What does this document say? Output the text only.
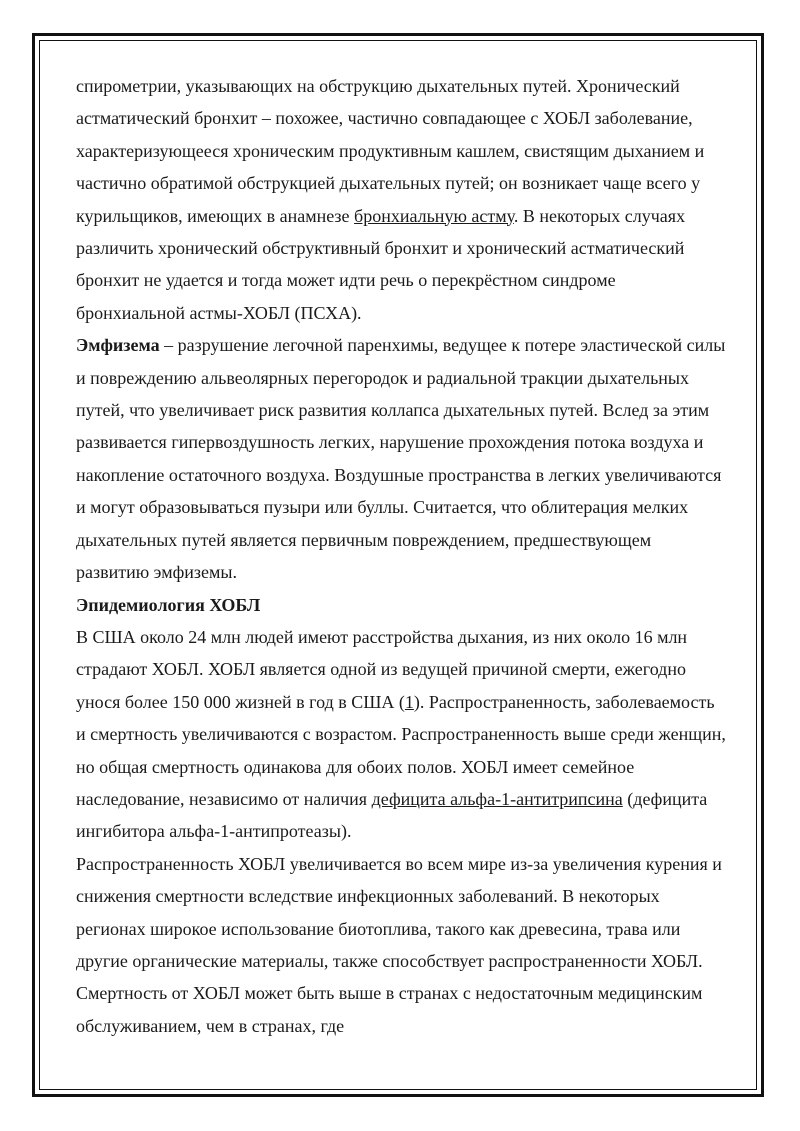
спирометрии, указывающих на обструкцию дыхательных путей. Хронический астматический бронхит – похожее, частично совпадающее с ХОБЛ заболевание, характеризующееся хроническим продуктивным кашлем, свистящим дыханием и частично обратимой обструкцией дыхательных путей; он возникает чаще всего у курильщиков, имеющих в анамнезе бронхиальную астму. В некоторых случаях различить хронический обструктивный бронхит и хронический астматический бронхит не удается и тогда может идти речь о перекрёстном синдроме бронхиальной астмы-ХОБЛ (ПСХА).

Эмфизема – разрушение легочной паренхимы, ведущее к потере эластической силы и повреждению альвеолярных перегородок и радиальной тракции дыхательных путей, что увеличивает риск развития коллапса дыхательных путей. Вслед за этим развивается гипервоздушность легких, нарушение прохождения потока воздуха и накопление остаточного воздуха. Воздушные пространства в легких увеличиваются и могут образовываться пузыри или буллы. Считается, что облитерация мелких дыхательных путей является первичным повреждением, предшествующем развитию эмфиземы.

Эпидемиология ХОБЛ

В США около 24 млн людей имеют расстройства дыхания, из них около 16 млн страдают ХОБЛ. ХОБЛ является одной из ведущей причиной смерти, ежегодно унося более 150 000 жизней в год в США (1). Распространенность, заболеваемость и смертность увеличиваются с возрастом. Распространенность выше среди женщин, но общая смертность одинакова для обоих полов. ХОБЛ имеет семейное наследование, независимо от наличия дефицита альфа-1-антитрипсина (дефицита ингибитора альфа-1-антипротеазы).

Распространенность ХОБЛ увеличивается во всем мире из-за увеличения курения и снижения смертности вследствие инфекционных заболеваний. В некоторых регионах широкое использование биотоплива, такого как древесина, трава или другие органические материалы, также способствует распространенности ХОБЛ. Смертность от ХОБЛ может быть выше в странах с недостаточным медицинским обслуживанием, чем в странах, где
